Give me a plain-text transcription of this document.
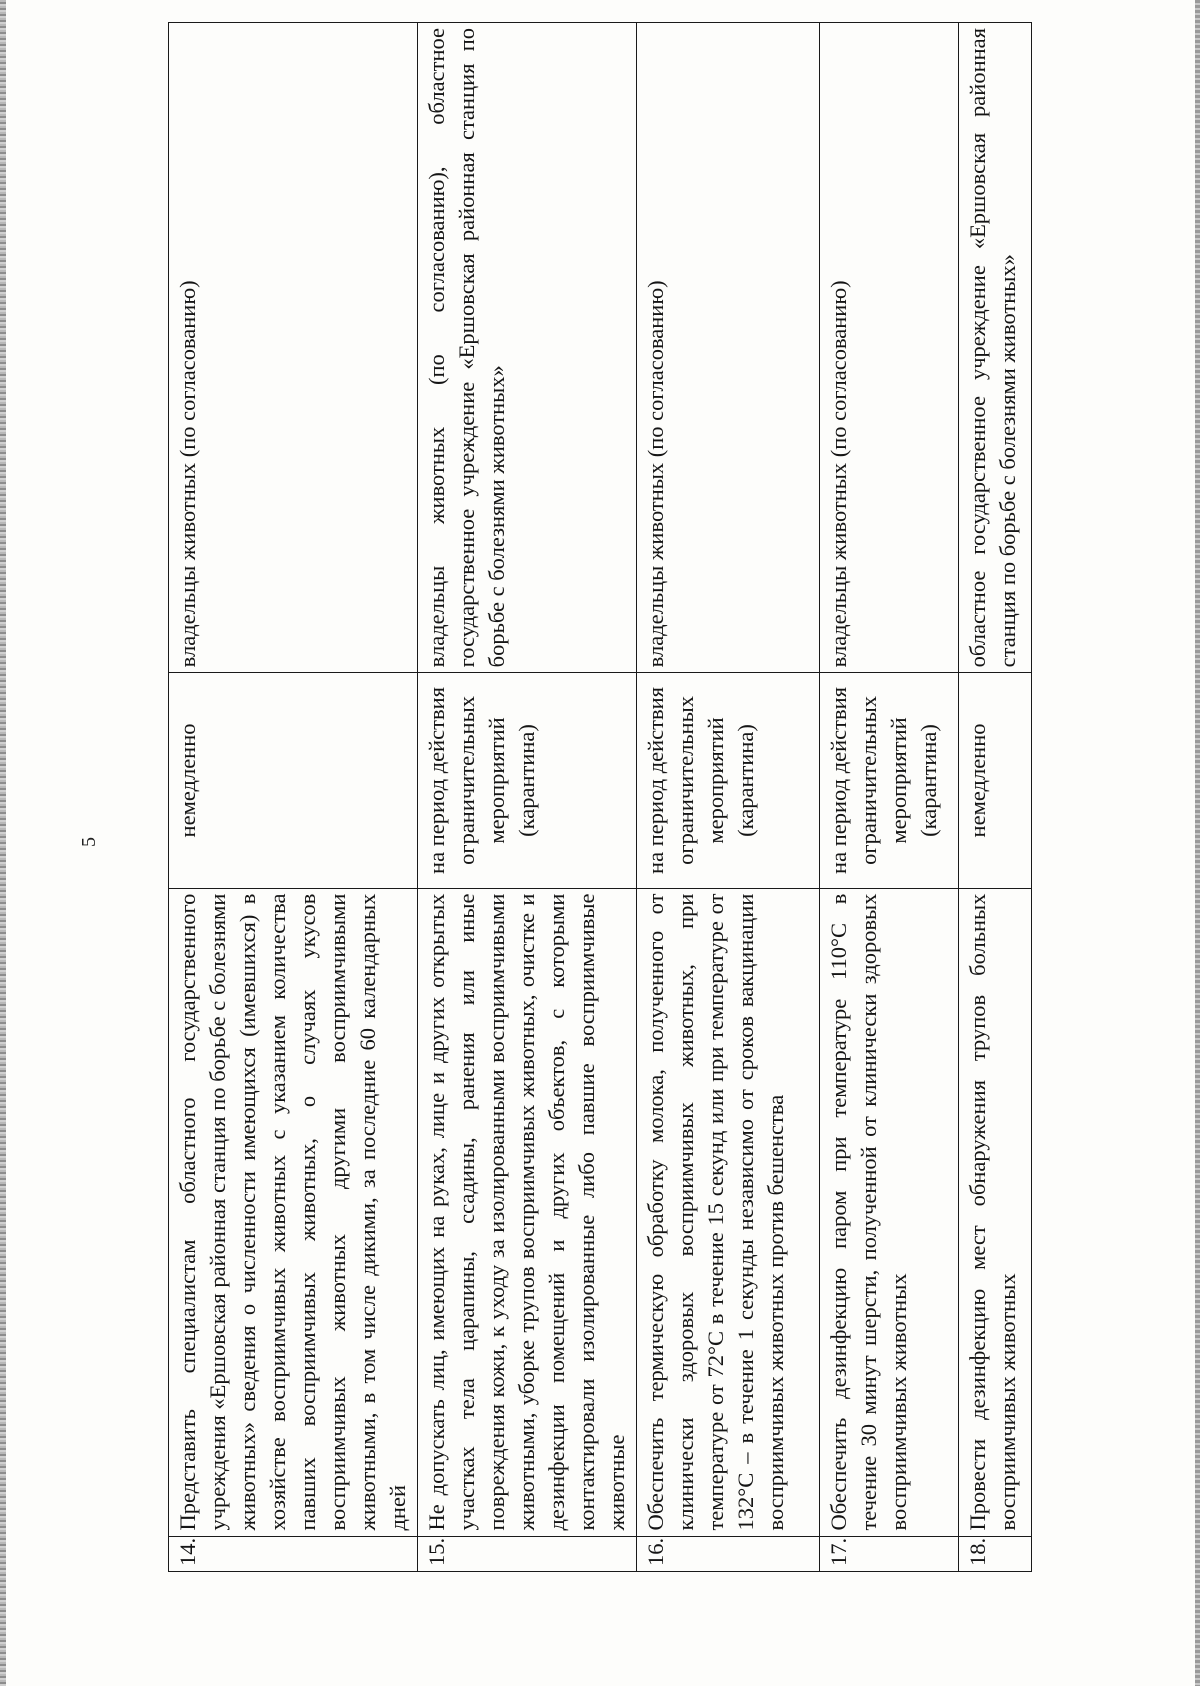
5
14.	Представить специалистам областного государственного учреждения «Ершовская районная станция по борьбе с болезнями животных» сведения о численности имеющихся (имевшихся) в хозяйстве восприимчивых животных с указанием количества павших восприимчивых животных, о случаях укусов восприимчивых животных другими восприимчивыми животными, в том числе дикими, за последние 60 календарных дней	немедленно	владельцы животных (по согласованию)
15.	Не допускать лиц, имеющих на руках, лице и других открытых участках тела царапины, ссадины, ранения или иные повреждения кожи, к уходу за изолированными восприимчивыми животными, уборке трупов восприимчивых животных, очистке и дезинфекции помещений и других объектов, с которыми контактировали изолированные либо павшие восприимчивые животные	на период действия ограничительных мероприятий (карантина)	владельцы животных (по согласованию), областное государственное учреждение «Ершовская районная станция по борьбе с болезнями животных»
16.	Обеспечить термическую обработку молока, полученного от клинически здоровых восприимчивых животных, при температуре от 72°C в течение 15 секунд или при температуре от 132°C – в течение 1 секунды независимо от сроков вакцинации восприимчивых животных против бешенства	на период действия ограничительных мероприятий (карантина)	владельцы животных (по согласованию)
17.	Обеспечить дезинфекцию паром при температуре 110°C в течение 30 минут шерсти, полученной от клинически здоровых восприимчивых животных	на период действия ограничительных мероприятий (карантина)	владельцы животных (по согласованию)
18.	Провести дезинфекцию мест обнаружения трупов больных восприимчивых животных	немедленно	областное государственное учреждение «Ершовская районная станция по борьбе с болезнями животных»
